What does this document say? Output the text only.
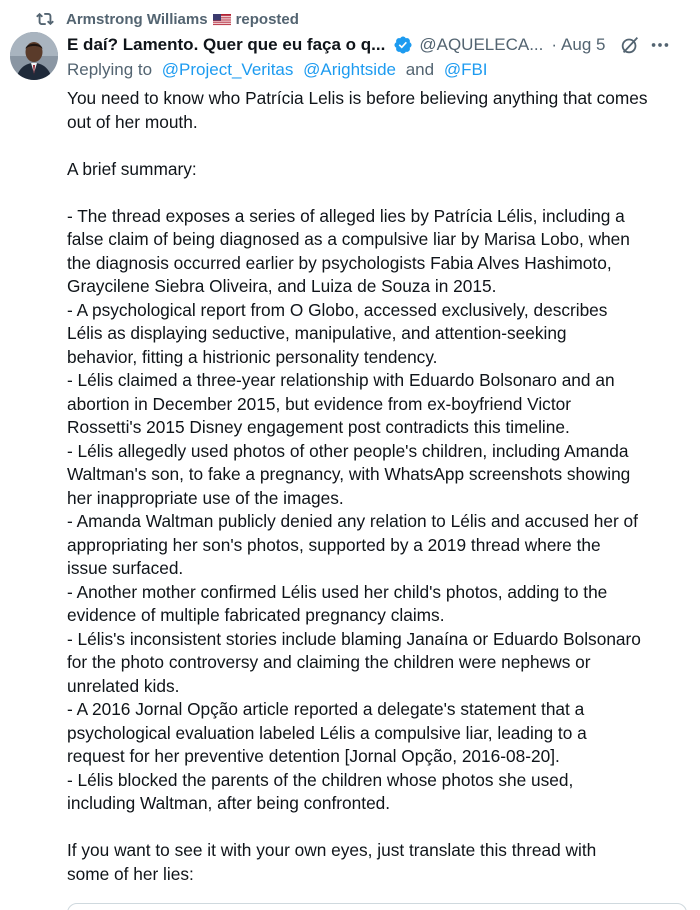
Armstrong Williams reposted
E daí? Lamento. Quer que eu faça o q... @AQUELECA... · Aug 5
Replying to @Project_Veritas @Arightside and @FBI

You need to know who Patrícia Lelis is before believing anything that comes

out of her mouth.

A brief summary:

- The thread exposes a series of alleged lies by Patrícia Lélis, including a

false claim of being diagnosed as a compulsive liar by Marisa Lobo, when

the diagnosis occurred earlier by psychologists Fabia Alves Hashimoto,

Graycilene Siebra Oliveira, and Luiza de Souza in 2015.

- A psychological report from O Globo, accessed exclusively, describes

Lélis as displaying seductive, manipulative, and attention-seeking

behavior, fitting a histrionic personality tendency.

- Lélis claimed a three-year relationship with Eduardo Bolsonaro and an

abortion in December 2015, but evidence from ex-boyfriend Victor

Rossetti's 2015 Disney engagement post contradicts this timeline.

- Lélis allegedly used photos of other people's children, including Amanda

Waltman's son, to fake a pregnancy, with WhatsApp screenshots showing

her inappropriate use of the images.

- Amanda Waltman publicly denied any relation to Lélis and accused her of

appropriating her son's photos, supported by a 2019 thread where the

issue surfaced.

- Another mother confirmed Lélis used her child's photos, adding to the

evidence of multiple fabricated pregnancy claims.

- Lélis's inconsistent stories include blaming Janaína or Eduardo Bolsonaro

for the photo controversy and claiming the children were nephews or

unrelated kids.

- A 2016 Jornal Opção article reported a delegate's statement that a

psychological evaluation labeled Lélis a compulsive liar, leading to a

request for her preventive detention [Jornal Opção, 2016-08-20].

- Lélis blocked the parents of the children whose photos she used,

including Waltman, after being confronted.

If you want to see it with your own eyes, just translate this thread with

some of her lies:
